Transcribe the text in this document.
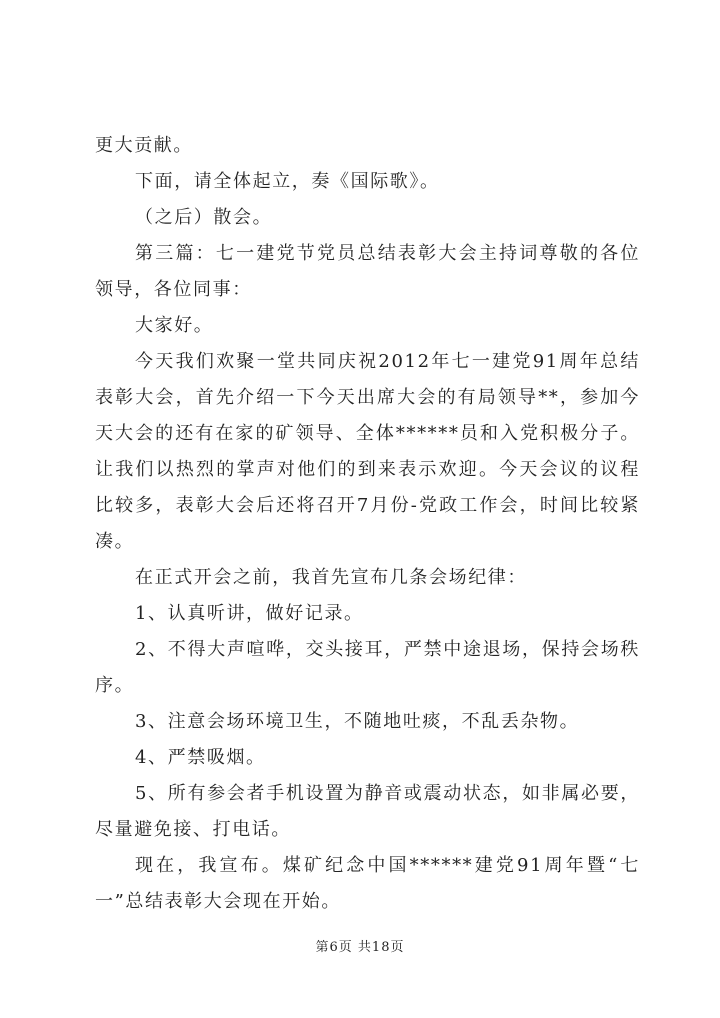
更大贡献。

下面，请全体起立，奏《国际歌》。

（之后）散会。

第三篇：七一建党节党员总结表彰大会主持词尊敬的各位领导，各位同事：

大家好。

今天我们欢聚一堂共同庆祝2012年七一建党91周年总结表彰大会，首先介绍一下今天出席大会的有局领导**，参加今天大会的还有在家的矿领导、全体******员和入党积极分子。让我们以热烈的掌声对他们的到来表示欢迎。今天会议的议程比较多，表彰大会后还将召开7月份-党政工作会，时间比较紧凑。

在正式开会之前，我首先宣布几条会场纪律：

1、认真听讲，做好记录。

2、不得大声喧哗，交头接耳，严禁中途退场，保持会场秩序。

3、注意会场环境卫生，不随地吐痰，不乱丢杂物。

4、严禁吸烟。

5、所有参会者手机设置为静音或震动状态，如非属必要，尽量避免接、打电话。

现在，我宣布。煤矿纪念中国******建党91周年暨“七一”总结表彰大会现在开始。

第6页 共18页
